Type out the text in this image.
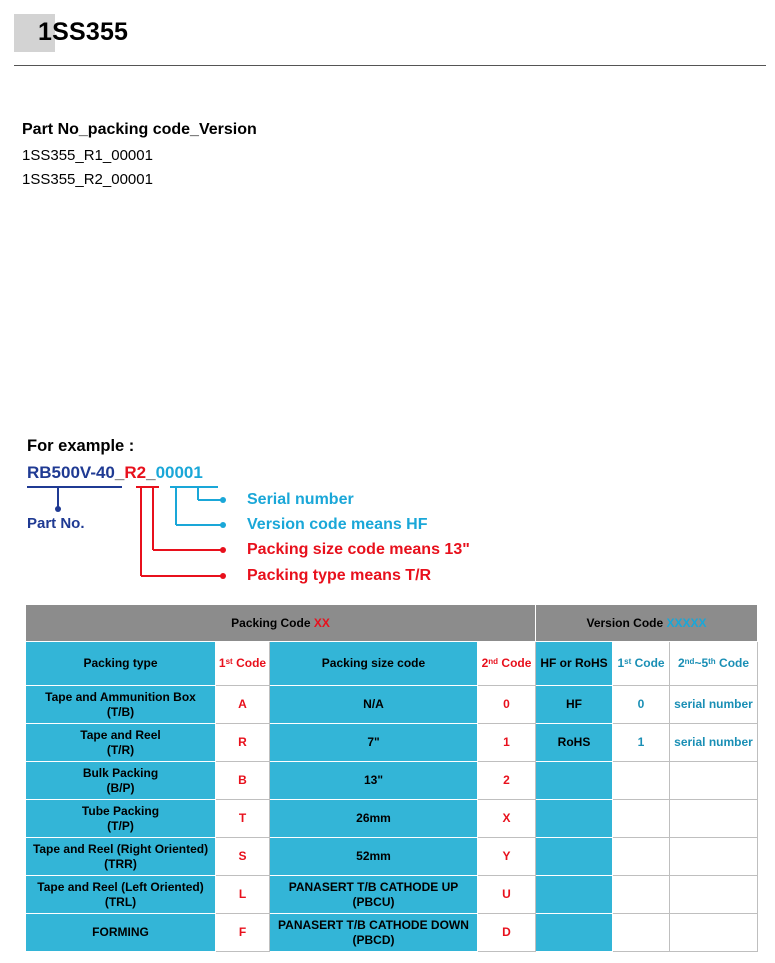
1SS355
Part No_packing code_Version
1SS355_R1_00001
1SS355_R2_00001
For example :
RB500V-40_R2_00001
Part No.
Serial number
Version code means HF
Packing size code means 13"
Packing type means T/R
Packing Code XX				Version Code XXXXX		
Packing type	1st Code	Packing size code	2nd Code	HF or RoHS	1st Code	2nd~5th Code
Tape and Ammunition Box
(T/B)	A	N/A	0	HF	0	serial number
Tape and Reel
(T/R)	R	7"	1	RoHS	1	serial number
Bulk Packing
(B/P)	B	13"	2			
Tube Packing
(T/P)	T	26mm	X			
Tape and Reel (Right Oriented)
(TRR)	S	52mm	Y			
Tape and Reel (Left Oriented)
(TRL)	L	PANASERT T/B CATHODE UP
(PBCU)	U			
FORMING	F	PANASERT T/B CATHODE DOWN
(PBCD)	D			
